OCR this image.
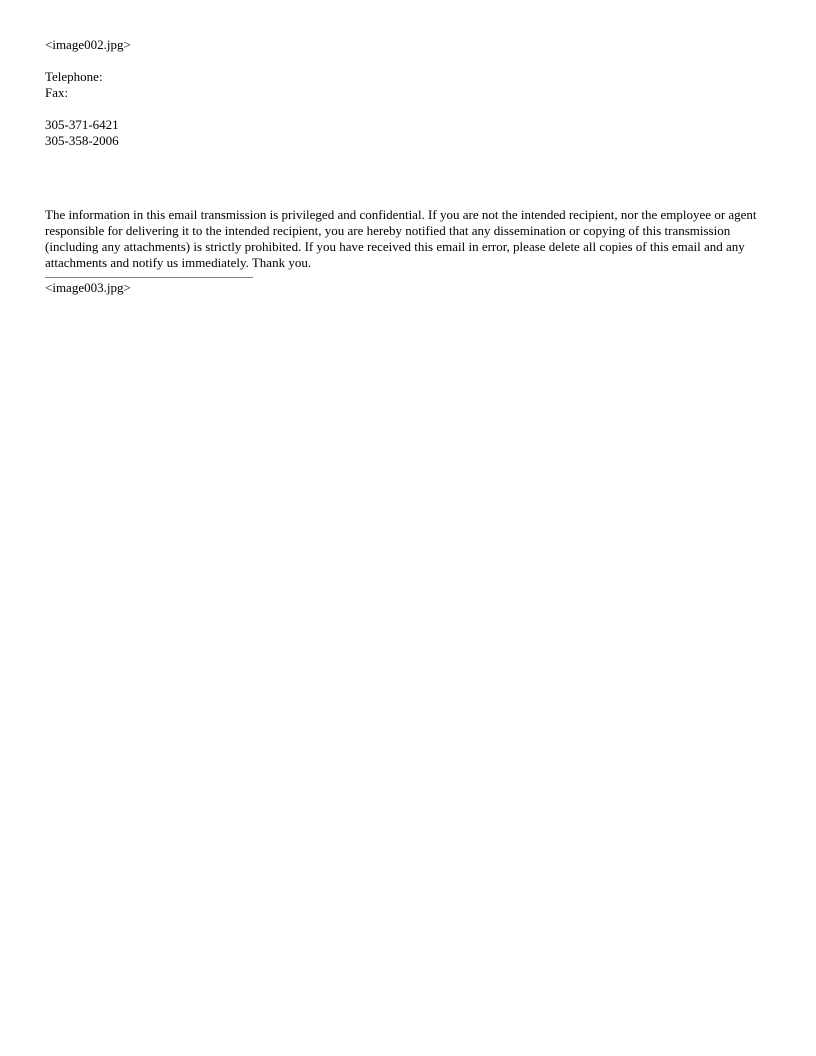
<image002.jpg>
Telephone:
Fax:
305-371-6421
305-358-2006

The information in this email transmission is privileged and confidential. If you are not the intended recipient, nor the employee or agent responsible for delivering it to the intended recipient, you are hereby notified that any dissemination or copying of this transmission (including any attachments) is strictly prohibited. If you have received this email in error, please delete all copies of this email and any attachments and notify us immediately. Thank you.

<image003.jpg>
